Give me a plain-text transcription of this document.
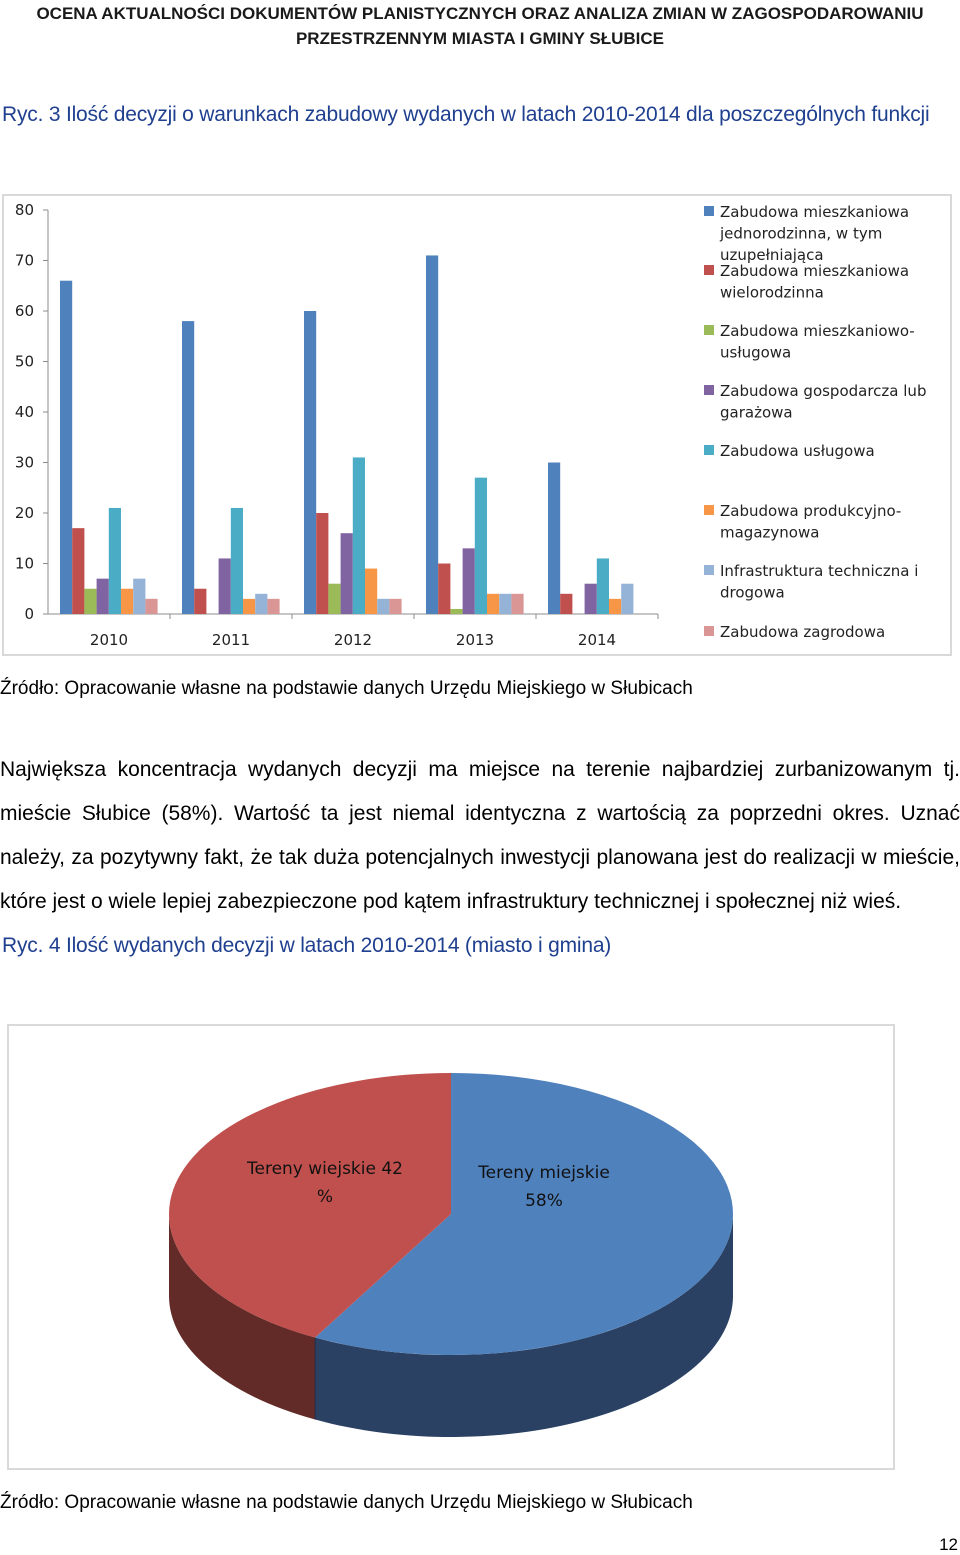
OCENA AKTUALNOŚCI DOKUMENTÓW PLANISTYCZNYCH ORAZ ANALIZA ZMIAN W ZAGOSPODAROWANIU
PRZESTRZENNYM MIASTA I GMINY SŁUBICE
Ryc. 3 Ilość decyzji o warunkach zabudowy wydanych w latach 2010-2014 dla poszczególnych funkcji
0
10
20
30
40
50
60
70
80
2010	2011	2012	2013	2014
Zabudowa mieszkaniowa
jednorodzinna, w tym
uzupełniająca
Zabudowa mieszkaniowa
wielorodzinna
Zabudowa mieszkaniowo-
usługowa
Zabudowa gospodarcza lub
garażowa
Zabudowa usługowa
Zabudowa produkcyjno-
magazynowa
Infrastruktura techniczna i
drogowa
Zabudowa zagrodowa
Źródło: Opracowanie własne na podstawie danych Urzędu Miejskiego w Słubicach
Największa koncentracja wydanych decyzji ma miejsce na terenie najbardziej zurbanizowanym tj.
mieście Słubice (58%). Wartość ta jest niemal identyczna z wartością za poprzedni okres. Uznać
należy, za pozytywny fakt, że tak duża potencjalnych inwestycji planowana jest do realizacji w mieście,
które jest o wiele lepiej zabezpieczone pod kątem infrastruktury technicznej i społecznej niż wieś.
Ryc. 4 Ilość wydanych decyzji w latach 2010-2014 (miasto i gmina)
Tereny miejskie
58%
Tereny wiejskie 42
%
Źródło: Opracowanie własne na podstawie danych Urzędu Miejskiego w Słubicach
12
